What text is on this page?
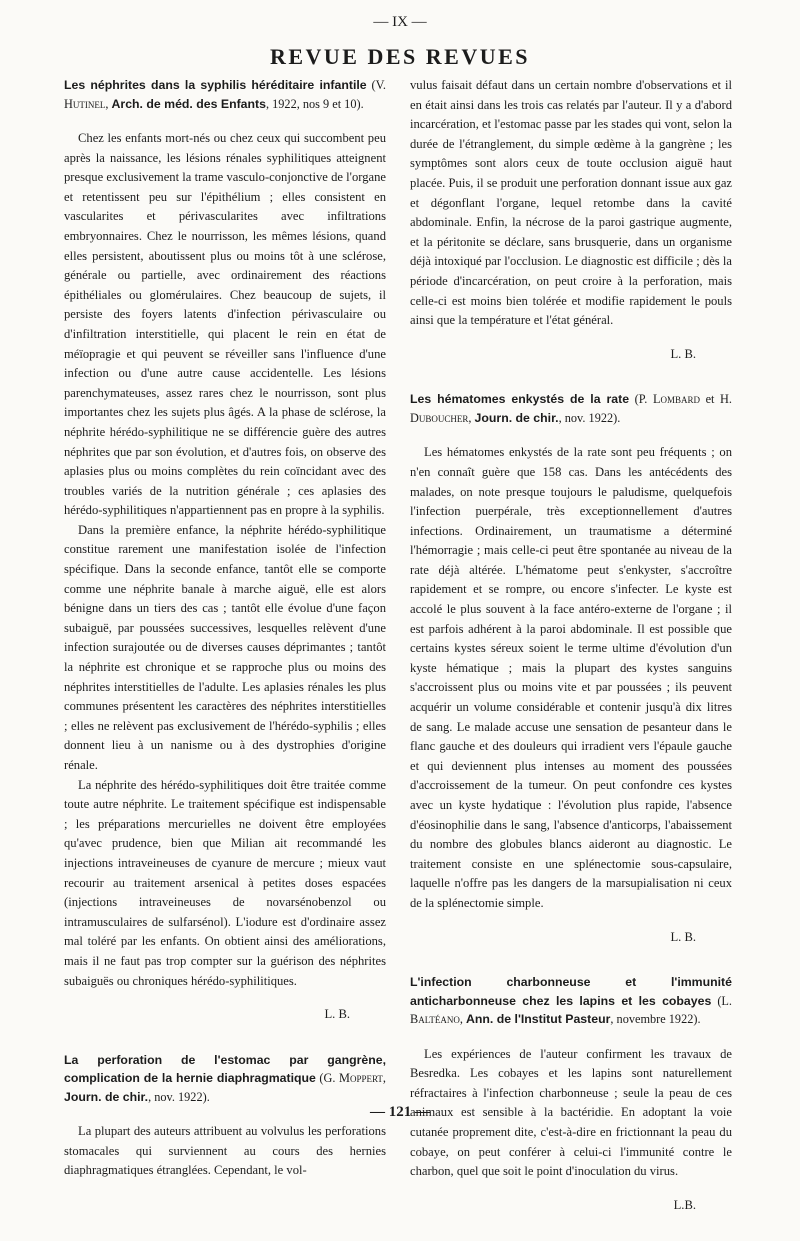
— IX —
REVUE DES REVUES
Les néphrites dans la syphilis héréditaire infantile (V. Hutinel, Arch. de méd. des Enfants, 1922, nos 9 et 10).

Chez les enfants mort-nés ou chez ceux qui succombent peu après la naissance, les lésions rénales syphilitiques atteignent presque exclusivement la trame vasculo-conjonctive de l'organe et retentissent peu sur l'épithélium ; elles consistent en vascularites et périvascularites avec infiltrations embryonnaires. Chez le nourrisson, les mêmes lésions, quand elles persistent, aboutissent plus ou moins tôt à une sclérose, générale ou partielle, avec ordinairement des réactions épithéliales ou glomérulaires. Chez beaucoup de sujets, il persiste des foyers latents d'infection périvasculaire ou d'infiltration interstitielle, qui placent le rein en état de méïopragie et qui peuvent se réveiller sans l'influence d'une infection ou d'une autre cause accidentelle. Les lésions parenchymateuses, assez rares chez le nourrisson, sont plus importantes chez les sujets plus âgés. A la phase de sclérose, la néphrite hérédo-syphilitique ne se différencie guère des autres néphrites que par son évolution, et d'autres fois, on observe des aplasies plus ou moins complètes du rein coïncidant avec des troubles variés de la nutrition générale ; ces aplasies des hérédo-syphilitiques n'appartiennent pas en propre à la syphilis.

Dans la première enfance, la néphrite hérédo-syphilitique constitue rarement une manifestation isolée de l'infection spécifique. Dans la seconde enfance, tantôt elle se comporte comme une néphrite banale à marche aiguë, elle est alors bénigne dans un tiers des cas ; tantôt elle évolue d'une façon subaiguë, par poussées successives, lesquelles relèvent d'une infection surajoutée ou de diverses causes déprimantes ; tantôt la néphrite est chronique et se rapproche plus ou moins des néphrites interstitielles de l'adulte. Les aplasies rénales les plus communes présentent les caractères des néphrites interstitielles ; elles ne relèvent pas exclusivement de l'hérédo-syphilis ; elles donnent lieu à un nanisme ou à des dystrophies d'origine rénale.

La néphrite des hérédo-syphilitiques doit être traitée comme toute autre néphrite. Le traitement spécifique est indispensable ; les préparations mercurielles ne doivent être employées qu'avec prudence, bien que Milian ait recommandé les injections intraveineuses de cyanure de mercure ; mieux vaut recourir au traitement arsenical à petites doses espacées (injections intraveineuses de novarsénobenzol ou intramusculaires de sulfarsénol). L'iodure est d'ordinaire assez mal toléré par les enfants. On obtient ainsi des améliorations, mais il ne faut pas trop compter sur la guérison des néphrites subaiguës ou chroniques hérédo-syphilitiques.

L. B.
La perforation de l'estomac par gangrène, complication de la hernie diaphragmatique (G. Moppert, Journ. de chir., nov. 1922).

La plupart des auteurs attribuent au volvulus les perforations stomacales qui surviennent au cours des hernies diaphragmatiques étranglées. Cependant, le vol-

vulus faisait défaut dans un certain nombre d'observations et il en était ainsi dans les trois cas relatés par l'auteur. Il y a d'abord incarcération, et l'estomac passe par les stades qui vont, selon la durée de l'étranglement, du simple œdème à la gangrène ; les symptômes sont alors ceux de toute occlusion aiguë haut placée. Puis, il se produit une perforation donnant issue aux gaz et dégonflant l'organe, lequel retombe dans la cavité abdominale. Enfin, la nécrose de la paroi gastrique augmente, et la péritonite se déclare, sans brusquerie, dans un organisme déjà intoxiqué par l'occlusion. Le diagnostic est difficile ; dès la période d'incarcération, on peut croire à la perforation, mais celle-ci est moins bien tolérée et modifie rapidement le pouls ainsi que la température et l'état général.

L. B.
Les hématomes enkystés de la rate (P. Lombard et H. Duboucher, Journ. de chir., nov. 1922).

Les hématomes enkystés de la rate sont peu fréquents ; on n'en connaît guère que 158 cas. Dans les antécédents des malades, on note presque toujours le paludisme, quelquefois l'infection puerpérale, très exceptionnellement d'autres infections. Ordinairement, un traumatisme a déterminé l'hémorragie ; mais celle-ci peut être spontanée au niveau de la rate déjà altérée. L'hématome peut s'enkyster, s'accroître rapidement et se rompre, ou encore s'infecter. Le kyste est accolé le plus souvent à la face antéro-externe de l'organe ; il est parfois adhérent à la paroi abdominale. Il est possible que certains kystes séreux soient le terme ultime d'évolution d'un kyste hématique ; mais la plupart des kystes sanguins s'accroissent plus ou moins vite et par poussées ; ils peuvent acquérir un volume considérable et contenir jusqu'à dix litres de sang. Le malade accuse une sensation de pesanteur dans le flanc gauche et des douleurs qui irradient vers l'épaule gauche et qui deviennent plus intenses au moment des poussées d'accroissement de la tumeur. On peut confondre ces kystes avec un kyste hydatique : l'évolution plus rapide, l'absence d'éosinophilie dans le sang, l'absence d'anticorps, l'abaissement du nombre des globules blancs aideront au diagnostic. Le traitement consiste en une splénectomie sous-capsulaire, laquelle n'offre pas les dangers de la marsupialisation ni ceux de la splénectomie simple.

L. B.
L'infection charbonneuse et l'immunité anticharbonneuse chez les lapins et les cobayes (L. Baltéano, Ann. de l'Institut Pasteur, novembre 1922).

Les expériences de l'auteur confirment les travaux de Besredka. Les cobayes et les lapins sont naturellement réfractaires à l'infection charbonneuse ; seule la peau de ces animaux est sensible à la bactéridie. En adoptant la voie cutanée proprement dite, c'est-à-dire en frictionnant la peau du cobaye, on peut conférer à celui-ci l'immunité contre le charbon, quel que soit le point d'inoculation du virus.

L.B.
— 121 —
